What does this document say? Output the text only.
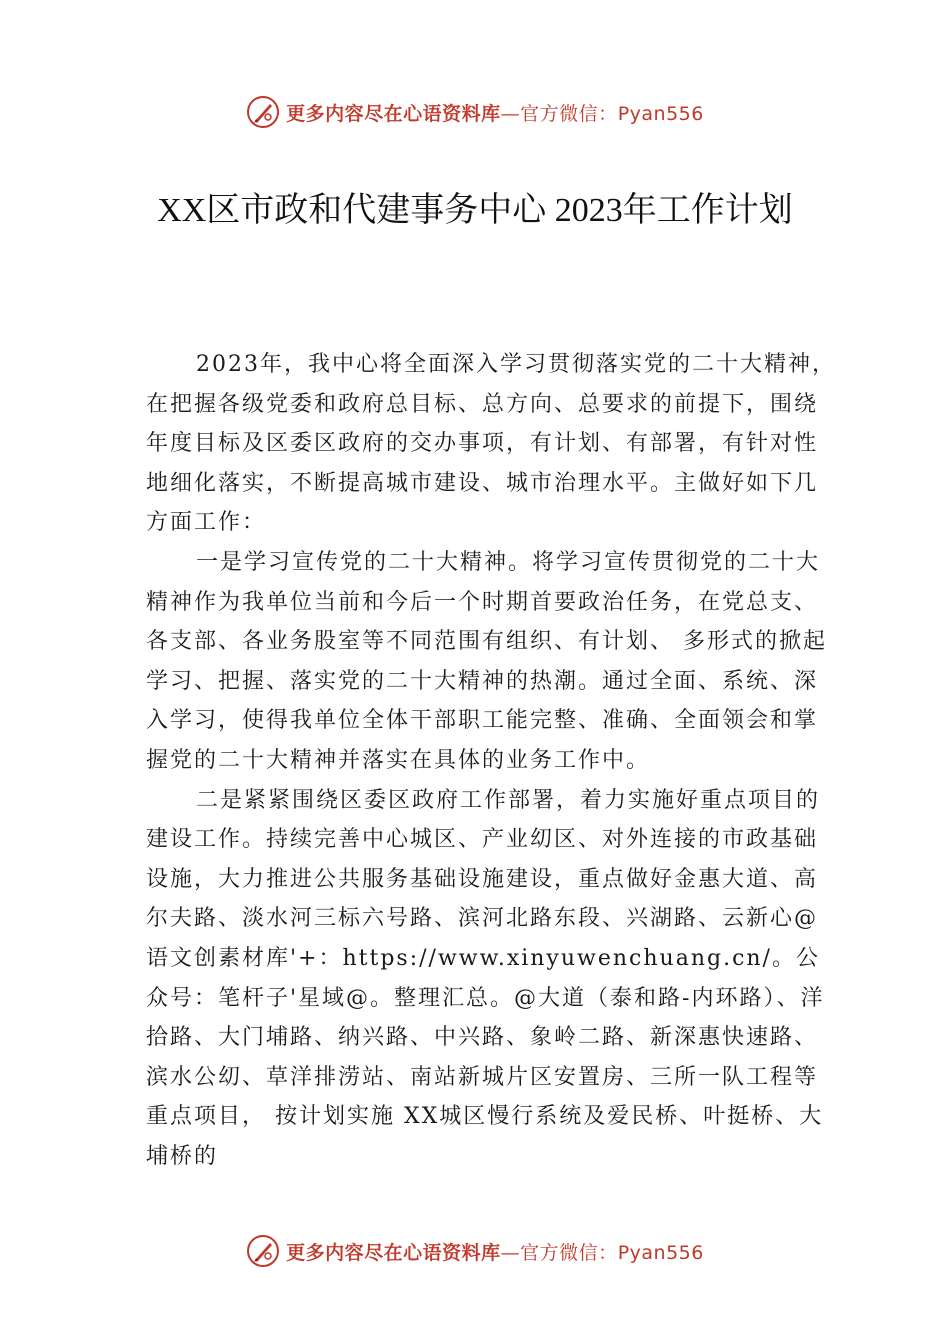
更多内容尽在心语资料库—官方微信：Pyan556
XX区市政和代建事务中心 2023年工作计划

2023年，我中心将全面深入学习贯彻落实党的二十大精神，在把握各级党委和政府总目标、总方向、总要求的前提下，围绕年度目标及区委区政府的交办事项，有计划、有部署，有针对性地细化落实，不断提高城市建设、城市治理水平。主做好如下几方面工作：

一是学习宣传党的二十大精神。将学习宣传贯彻党的二十大精神作为我单位当前和今后一个时期首要政治任务，在党总支、各支部、各业务股室等不同范围有组织、有计划、 多形式的掀起学习、把握、落实党的二十大精神的热潮。通过全面、系统、深入学习，使得我单位全体干部职工能完整、准确、全面领会和掌握党的二十大精神并落实在具体的业务工作中。

二是紧紧围绕区委区政府工作部署，着力实施好重点项目的建设工作。持续完善中心城区、产业㓜区、对外连接的市政基础设施，大力推进公共服务基础设施建设，重点做好金惠大道、高尔夫路、淡水河三标六号路、滨河北路东段、兴湖路、云新心@语文创素材库'+：https://www.xinyuwenchuang.cn/。公众号：笔杆子'星域@。整理汇总。@大道（泰和路-内环路）、洋拾路、大门埔路、纳兴路、中兴路、象岭二路、新深惠快速路、滨水公㓜、草洋排涝站、南站新城片区安置房、三所一队工程等重点项目， 按计划实施 XX城区慢行系统及爱民桥、叶挺桥、大埔桥的

更多内容尽在心语资料库—官方微信：Pyan556
